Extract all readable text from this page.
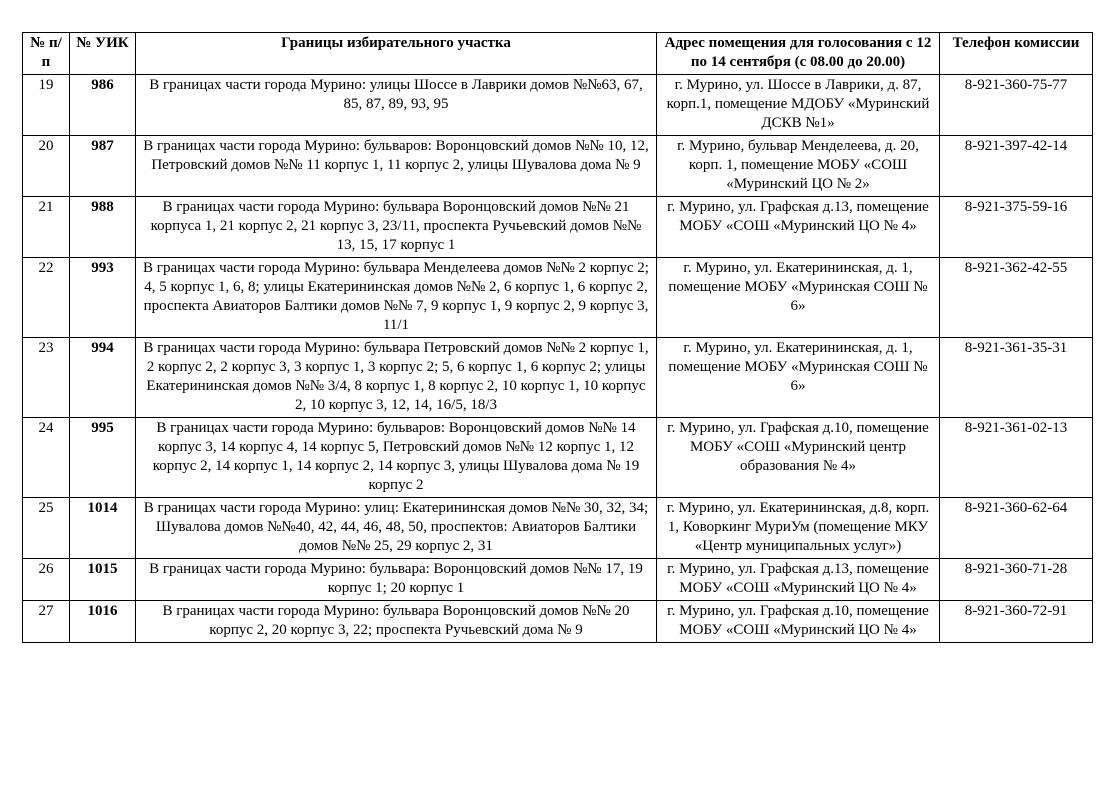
№ п/п	№ УИК	Границы избирательного участка	Адрес помещения для голосования с 12 по 14 сентября (с 08.00 до 20.00)	Телефон комиссии
19	986	В границах части города Мурино: улицы Шоссе в Лаврики домов №№63, 67, 85, 87, 89, 93, 95	г. Мурино, ул. Шоссе в Лаврики, д. 87, корп.1, помещение МДОБУ «Муринский ДСКВ №1»	8-921-360-75-77
20	987	В границах части города Мурино: бульваров: Воронцовский домов №№ 10, 12, Петровский домов №№ 11 корпус 1, 11 корпус 2, улицы Шувалова дома № 9	г. Мурино, бульвар Менделеева, д. 20, корп. 1, помещение МОБУ «СОШ «Муринский ЦО № 2»	8-921-397-42-14
21	988	В границах части города Мурино: бульвара Воронцовский домов №№ 21 корпуса 1, 21 корпус 2, 21 корпус 3, 23/11, проспекта Ручьевский домов №№ 13, 15, 17 корпус 1	г. Мурино, ул. Графская д.13, помещение МОБУ «СОШ «Муринский ЦО № 4»	8-921-375-59-16
22	993	В границах части города Мурино: бульвара Менделеева домов №№ 2 корпус 2; 4, 5 корпус 1, 6, 8; улицы Екатерининская домов №№ 2, 6 корпус 1, 6 корпус 2, проспекта Авиаторов Балтики домов №№ 7, 9 корпус 1, 9 корпус 2, 9 корпус 3, 11/1	г. Мурино, ул. Екатерининская, д. 1, помещение МОБУ «Муринская СОШ № 6»	8-921-362-42-55
23	994	В границах части города Мурино: бульвара Петровский домов №№ 2 корпус 1, 2 корпус 2, 2 корпус 3, 3 корпус 1, 3 корпус 2; 5, 6 корпус 1, 6 корпус 2; улицы Екатерининская домов №№ 3/4, 8 корпус 1, 8 корпус 2, 10 корпус 1, 10 корпус 2, 10 корпус 3, 12, 14, 16/5, 18/3	г. Мурино, ул. Екатерининская, д. 1, помещение МОБУ «Муринская СОШ № 6»	8-921-361-35-31
24	995	В границах части города Мурино: бульваров: Воронцовский домов №№ 14 корпус 3, 14 корпус 4, 14 корпус 5, Петровский домов №№ 12 корпус 1, 12 корпус 2, 14 корпус 1, 14 корпус 2, 14 корпус 3, улицы Шувалова дома № 19 корпус 2	г. Мурино, ул. Графская д.10, помещение МОБУ «СОШ «Муринский центр образования № 4»	8-921-361-02-13
25	1014	В границах части города Мурино: улиц: Екатерининская домов №№ 30, 32, 34; Шувалова домов №№40, 42, 44, 46, 48, 50, проспектов: Авиаторов Балтики домов №№ 25, 29 корпус 2, 31	г. Мурино, ул. Екатерининская, д.8, корп. 1, Коворкинг МуриУм (помещение МКУ «Центр муниципальных услуг»)	8-921-360-62-64
26	1015	В границах части города Мурино: бульвара: Воронцовский домов №№ 17, 19 корпус 1; 20 корпус 1	г. Мурино, ул. Графская д.13, помещение МОБУ «СОШ «Муринский ЦО № 4»	8-921-360-71-28
27	1016	В границах части города Мурино: бульвара Воронцовский домов №№ 20 корпус 2, 20 корпус 3, 22; проспекта Ручьевский дома № 9	г. Мурино, ул. Графская д.10, помещение МОБУ «СОШ «Муринский ЦО № 4»	8-921-360-72-91
